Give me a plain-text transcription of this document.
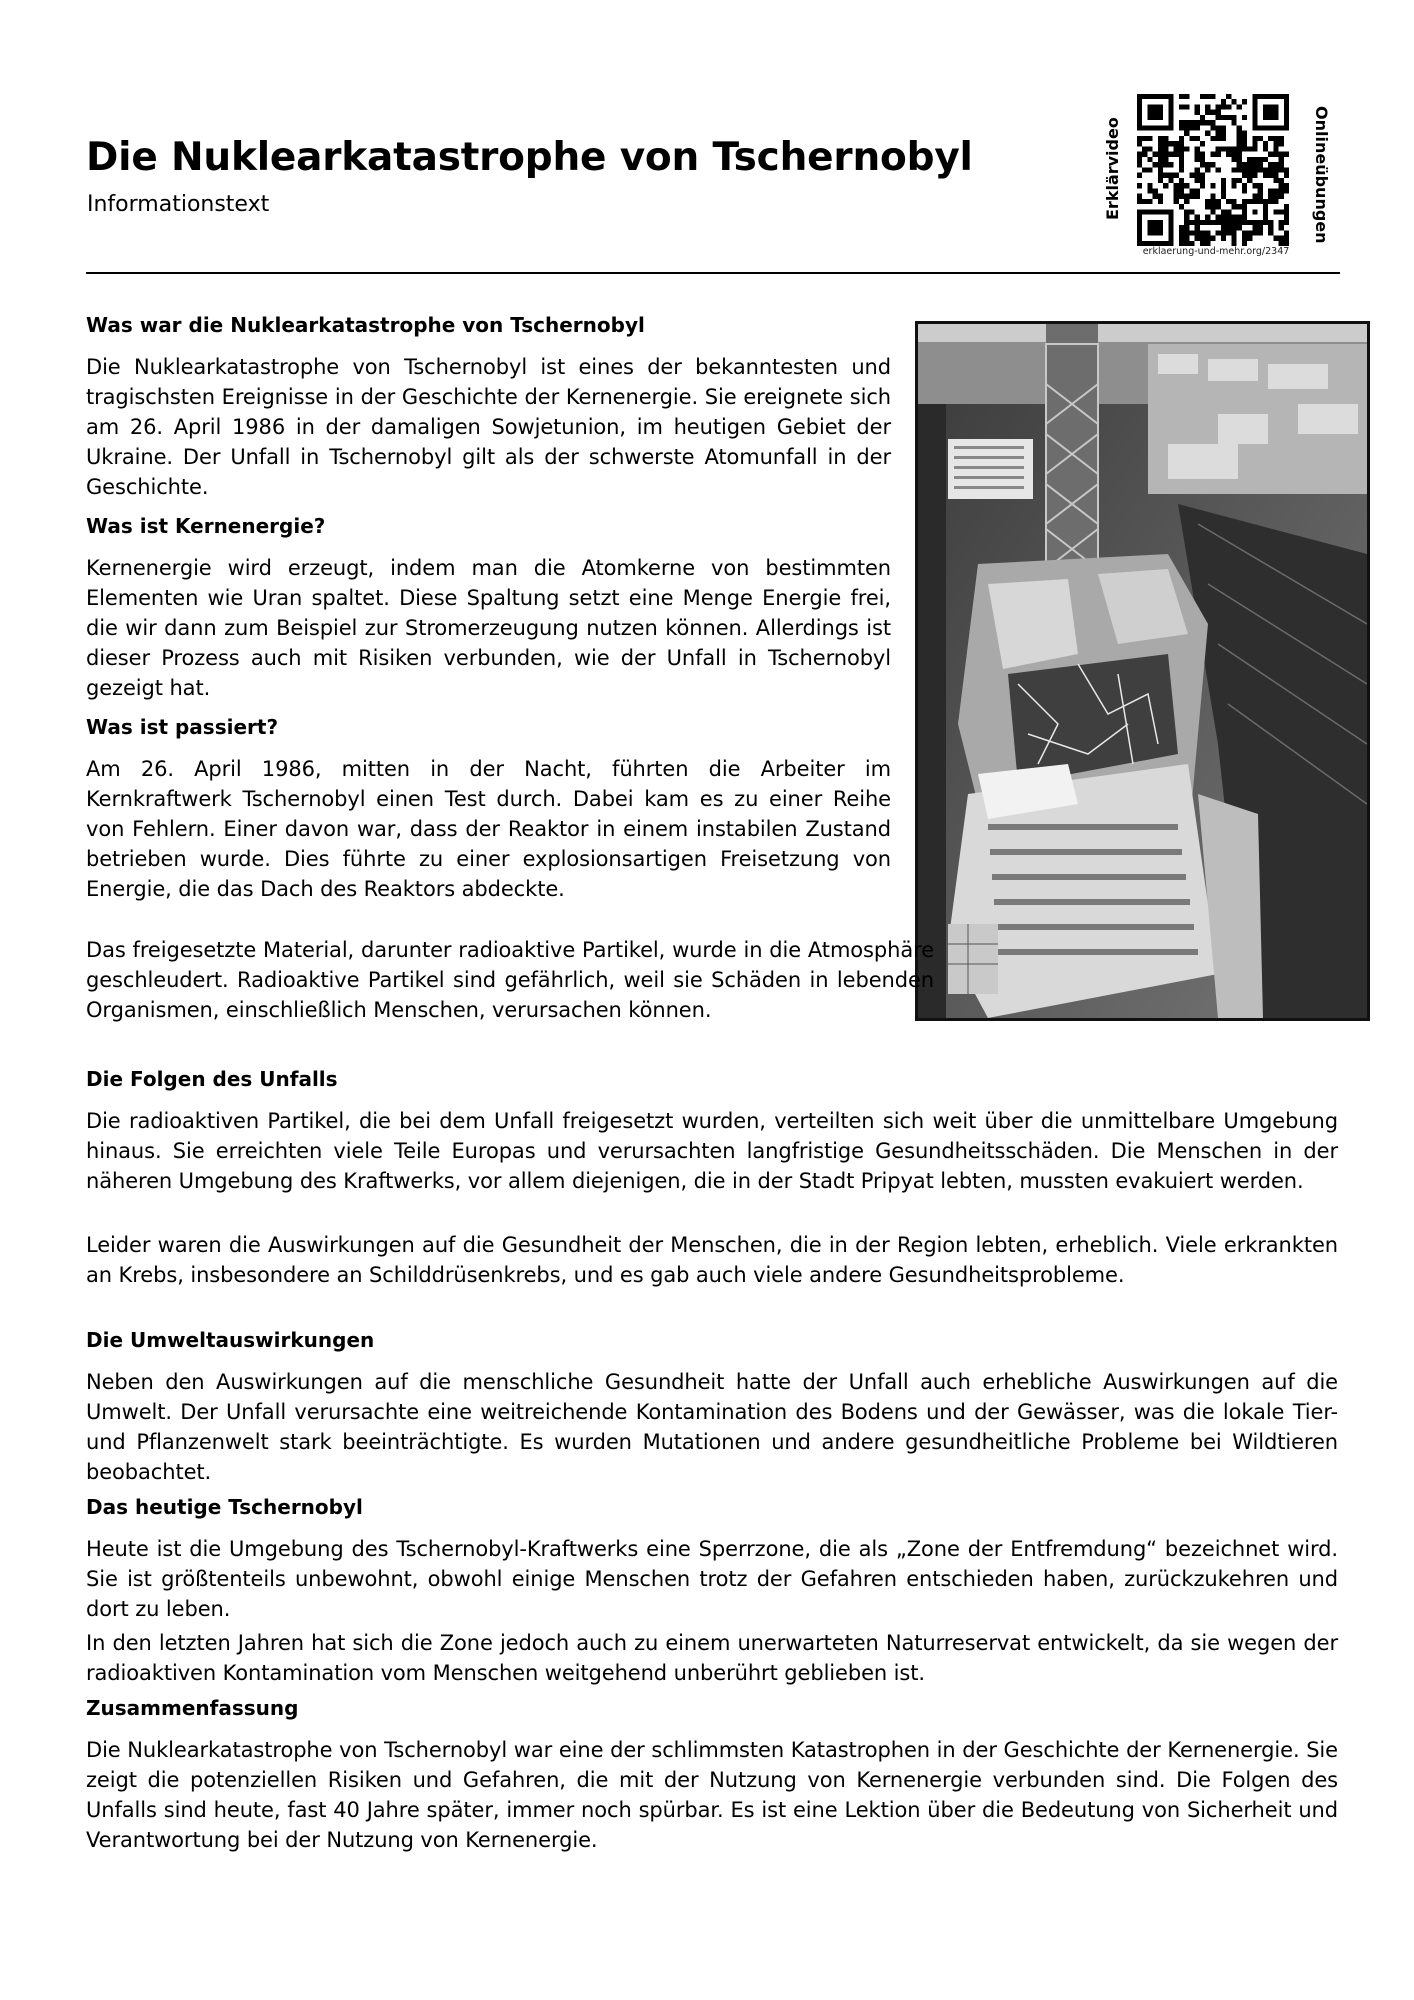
Die Nuklearkatastrophe von Tschernobyl
Informationstext	Erklärvideo
erklaerung-und-mehr.org/2347
Onlineübungen
Was war die Nuklearkatastrophe von Tschernobyl

Die Nuklearkatastrophe von Tschernobyl ist eines der bekanntesten und tragischsten Ereignisse in der Geschichte der Kernenergie. Sie ereignete sich am 26. April 1986 in der damaligen Sowjetunion, im heutigen Gebiet der Ukraine. Der Unfall in Tschernobyl gilt als der schwerste Atomunfall in der Geschichte.

Was ist Kernenergie?

Kernenergie wird erzeugt, indem man die Atomkerne von bestimmten Elementen wie Uran spaltet. Diese Spaltung setzt eine Menge Energie frei, die wir dann zum Beispiel zur Stromerzeugung nutzen können. Allerdings ist dieser Prozess auch mit Risiken verbunden, wie der Unfall in Tschernobyl gezeigt hat.

Was ist passiert?

Am 26. April 1986, mitten in der Nacht, führten die Arbeiter im Kernkraftwerk Tschernobyl einen Test durch. Dabei kam es zu einer Reihe von Fehlern. Einer davon war, dass der Reaktor in einem instabilen Zustand betrieben wurde. Dies führte zu einer explosionsartigen Freisetzung von Energie, die das Dach des Reaktors abdeckte.

Das freigesetzte Material, darunter radioaktive Partikel, wurde in die Atmosphäre geschleudert. Radioaktive Partikel sind gefährlich, weil sie Schäden in lebenden Organismen, einschließlich Menschen, verursachen können.

Die Folgen des Unfalls

Die radioaktiven Partikel, die bei dem Unfall freigesetzt wurden, verteilten sich weit über die unmittelbare Umgebung hinaus. Sie erreichten viele Teile Europas und verursachten langfristige Gesundheitsschäden. Die Menschen in der näheren Umgebung des Kraftwerks, vor allem diejenigen, die in der Stadt Pripyat lebten, mussten evakuiert werden.

Leider waren die Auswirkungen auf die Gesundheit der Menschen, die in der Region lebten, erheblich. Viele erkrankten an Krebs, insbesondere an Schilddrüsenkrebs, und es gab auch viele andere Gesundheitsprobleme.

Die Umweltauswirkungen

Neben den Auswirkungen auf die menschliche Gesundheit hatte der Unfall auch erhebliche Auswirkungen auf die Umwelt. Der Unfall verursachte eine weitreichende Kontamination des Bodens und der Gewässer, was die lokale Tier- und Pflanzenwelt stark beeinträchtigte. Es wurden Mutationen und andere gesundheitliche Probleme bei Wildtieren beobachtet.

Das heutige Tschernobyl

Heute ist die Umgebung des Tschernobyl-Kraftwerks eine Sperrzone, die als „Zone der Entfremdung“ bezeichnet wird. Sie ist größtenteils unbewohnt, obwohl einige Menschen trotz der Gefahren entschieden haben, zurückzukehren und dort zu leben.

In den letzten Jahren hat sich die Zone jedoch auch zu einem unerwarteten Naturreservat entwickelt, da sie wegen der radioaktiven Kontamination vom Menschen weitgehend unberührt geblieben ist.

Zusammenfassung

Die Nuklearkatastrophe von Tschernobyl war eine der schlimmsten Katastrophen in der Geschichte der Kernenergie. Sie zeigt die potenziellen Risiken und Gefahren, die mit der Nutzung von Kernenergie verbunden sind. Die Folgen des Unfalls sind heute, fast 40 Jahre später, immer noch spürbar. Es ist eine Lektion über die Bedeutung von Sicherheit und Verantwortung bei der Nutzung von Kernenergie.
